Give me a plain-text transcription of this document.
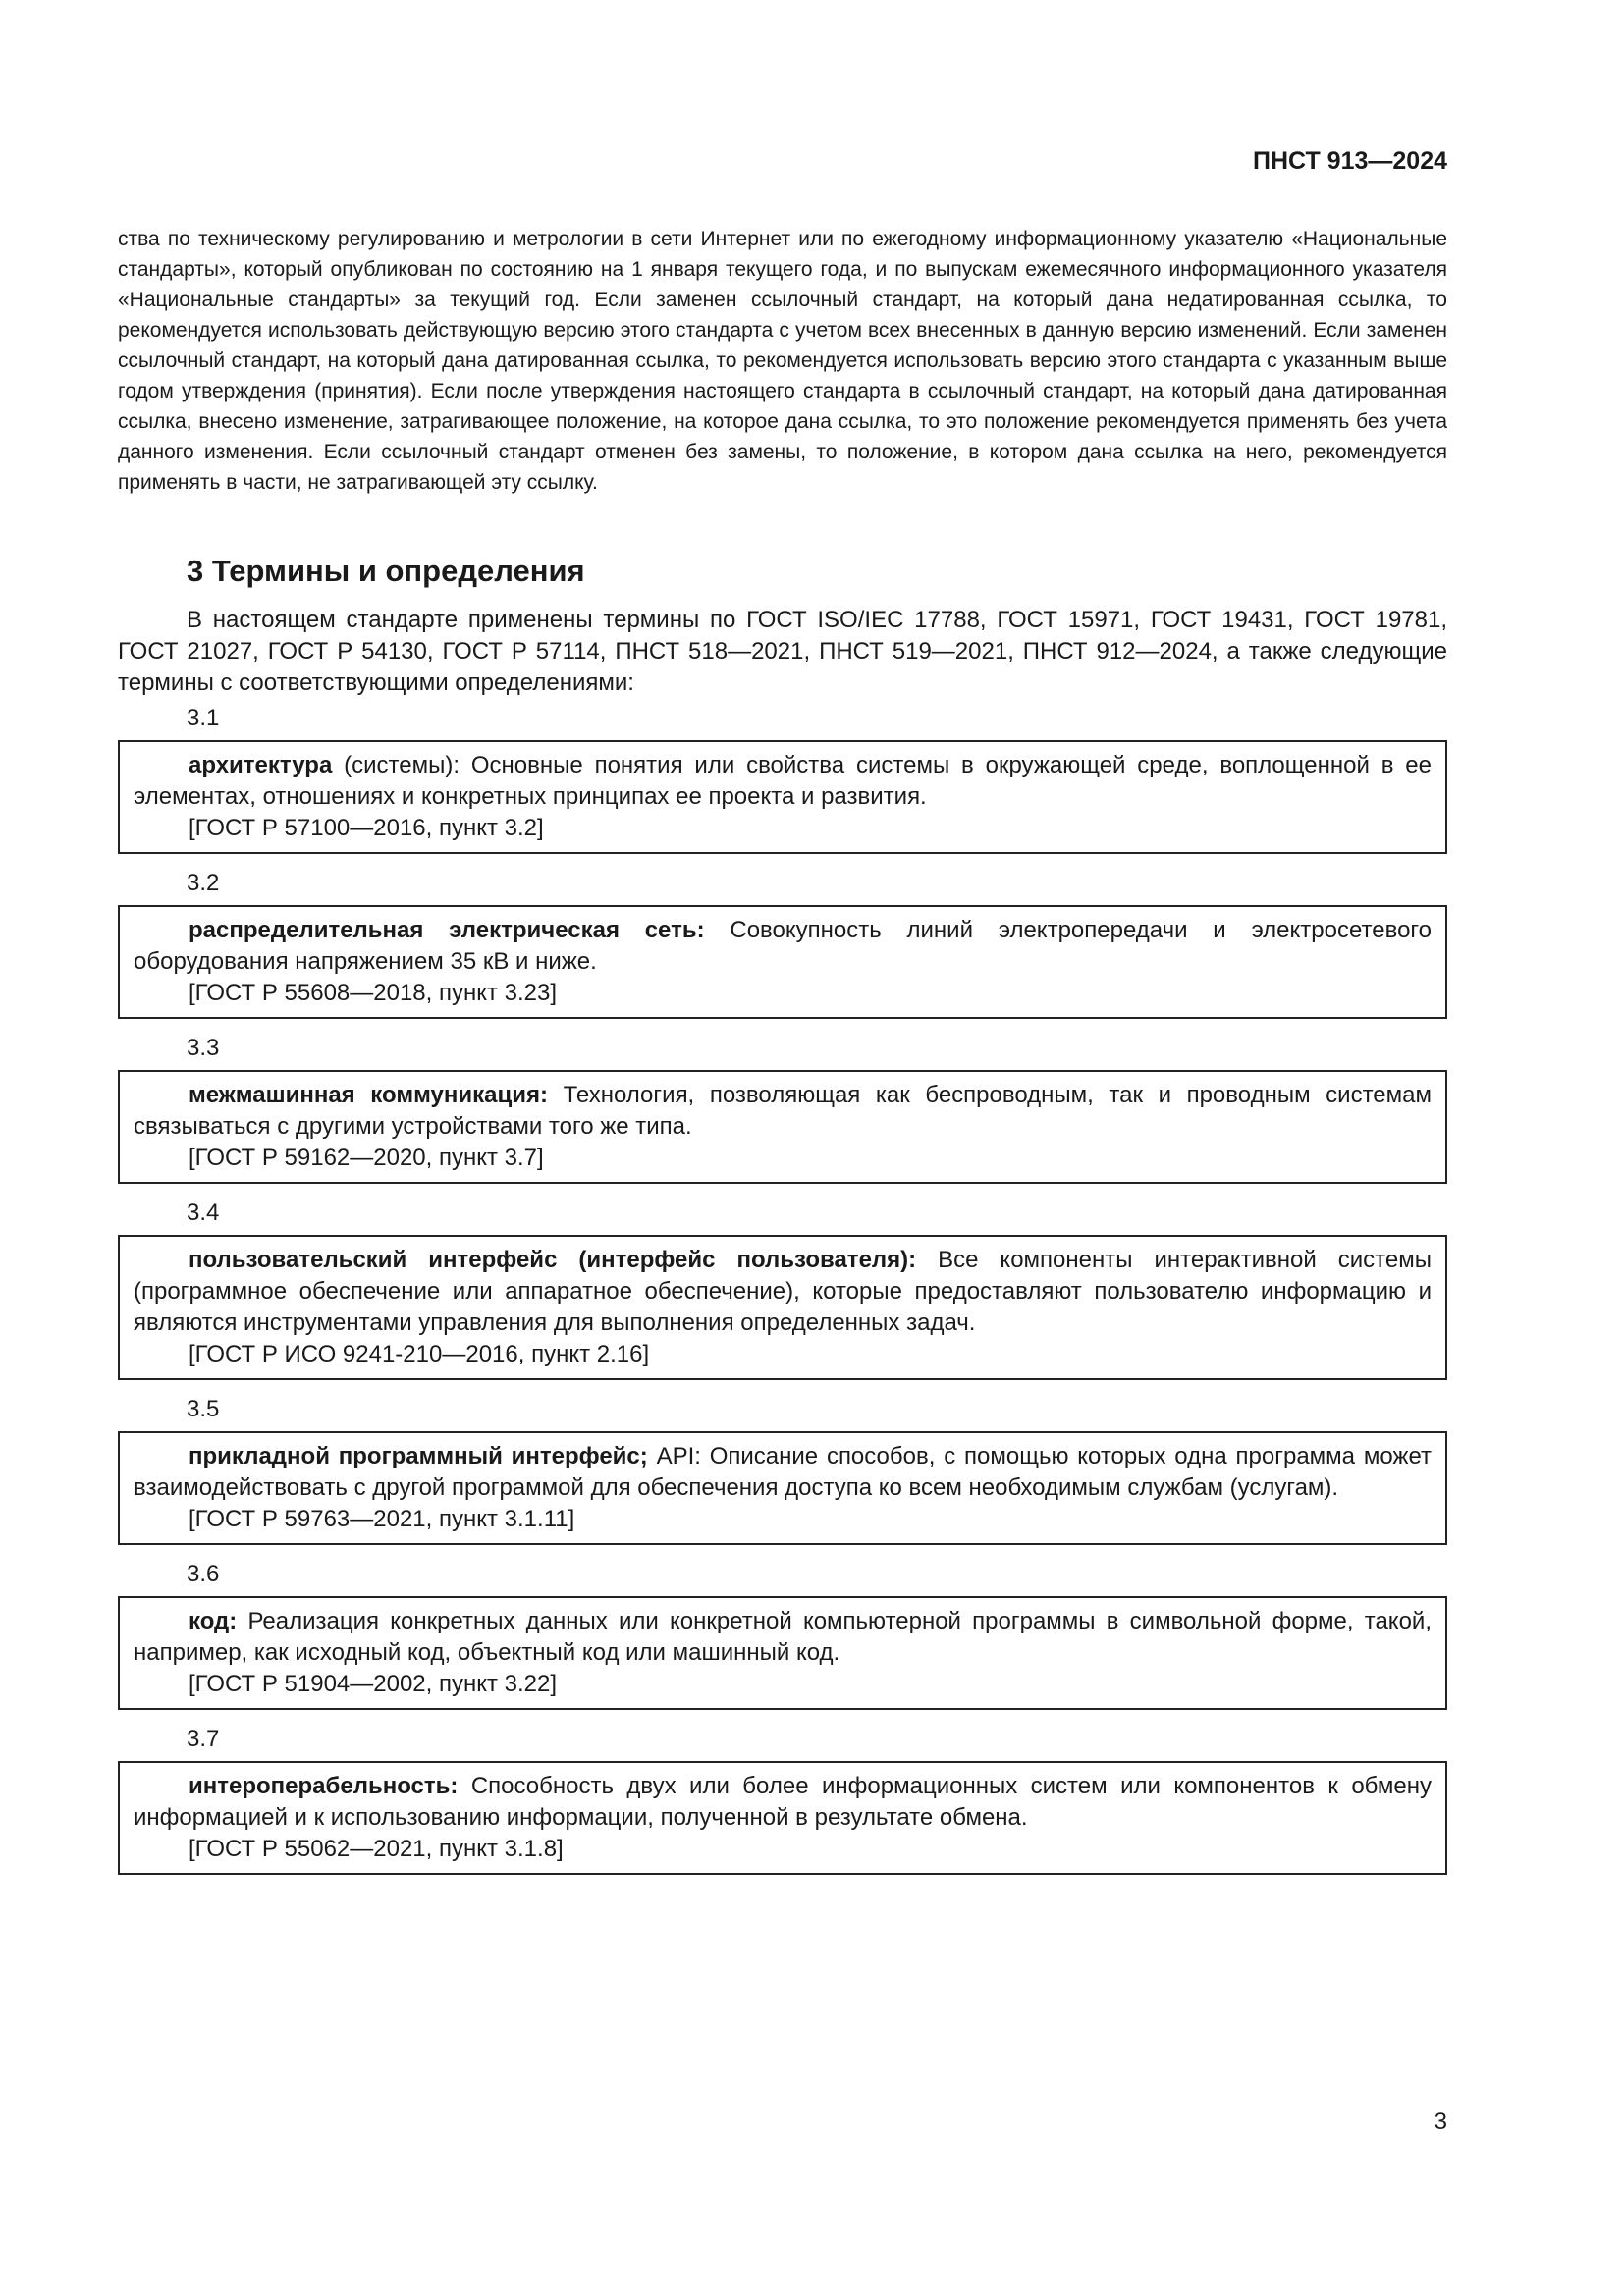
ПНСТ 913—2024

ства по техническому регулированию и метрологии в сети Интернет или по ежегодному информационному указателю «Национальные стандарты», который опубликован по состоянию на 1 января текущего года, и по выпускам ежемесячного информационного указателя «Национальные стандарты» за текущий год. Если заменен ссылочный стандарт, на который дана недатированная ссылка, то рекомендуется использовать действующую версию этого стандарта с учетом всех внесенных в данную версию изменений. Если заменен ссылочный стандарт, на который дана датированная ссылка, то рекомендуется использовать версию этого стандарта с указанным выше годом утверждения (принятия). Если после утверждения настоящего стандарта в ссылочный стандарт, на который дана датированная ссылка, внесено изменение, затрагивающее положение, на которое дана ссылка, то это положение рекомендуется применять без учета данного изменения. Если ссылочный стандарт отменен без замены, то положение, в котором дана ссылка на него, рекомендуется применять в части, не затрагивающей эту ссылку.

3 Термины и определения

В настоящем стандарте применены термины по ГОСТ ISO/IEC 17788, ГОСТ 15971, ГОСТ 19431, ГОСТ 19781, ГОСТ 21027, ГОСТ Р 54130, ГОСТ Р 57114, ПНСТ 518—2021, ПНСТ 519—2021, ПНСТ 912—2024, а также следующие термины с соответствующими определениями:

3.1

архитектура (системы): Основные понятия или свойства системы в окружающей среде, воплощенной в ее элементах, отношениях и конкретных принципах ее проекта и развития.

[ГОСТ Р 57100—2016, пункт 3.2]

3.2

распределительная электрическая сеть: Совокупность линий электропередачи и электросетевого оборудования напряжением 35 кВ и ниже.

[ГОСТ Р 55608—2018, пункт 3.23]

3.3

межмашинная коммуникация: Технология, позволяющая как беспроводным, так и проводным системам связываться с другими устройствами того же типа.

[ГОСТ Р 59162—2020, пункт 3.7]

3.4

пользовательский интерфейс (интерфейс пользователя): Все компоненты интерактивной системы (программное обеспечение или аппаратное обеспечение), которые предоставляют пользователю информацию и являются инструментами управления для выполнения определенных задач.

[ГОСТ Р ИСО 9241-210—2016, пункт 2.16]

3.5

прикладной программный интерфейс; API: Описание способов, с помощью которых одна программа может взаимодействовать с другой программой для обеспечения доступа ко всем необходимым службам (услугам).

[ГОСТ Р 59763—2021, пункт 3.1.11]

3.6

код: Реализация конкретных данных или конкретной компьютерной программы в символьной форме, такой, например, как исходный код, объектный код или машинный код.

[ГОСТ Р 51904—2002, пункт 3.22]

3.7

интероперабельность: Способность двух или более информационных систем или компонентов к обмену информацией и к использованию информации, полученной в результате обмена.

[ГОСТ Р 55062—2021, пункт 3.1.8]

3
